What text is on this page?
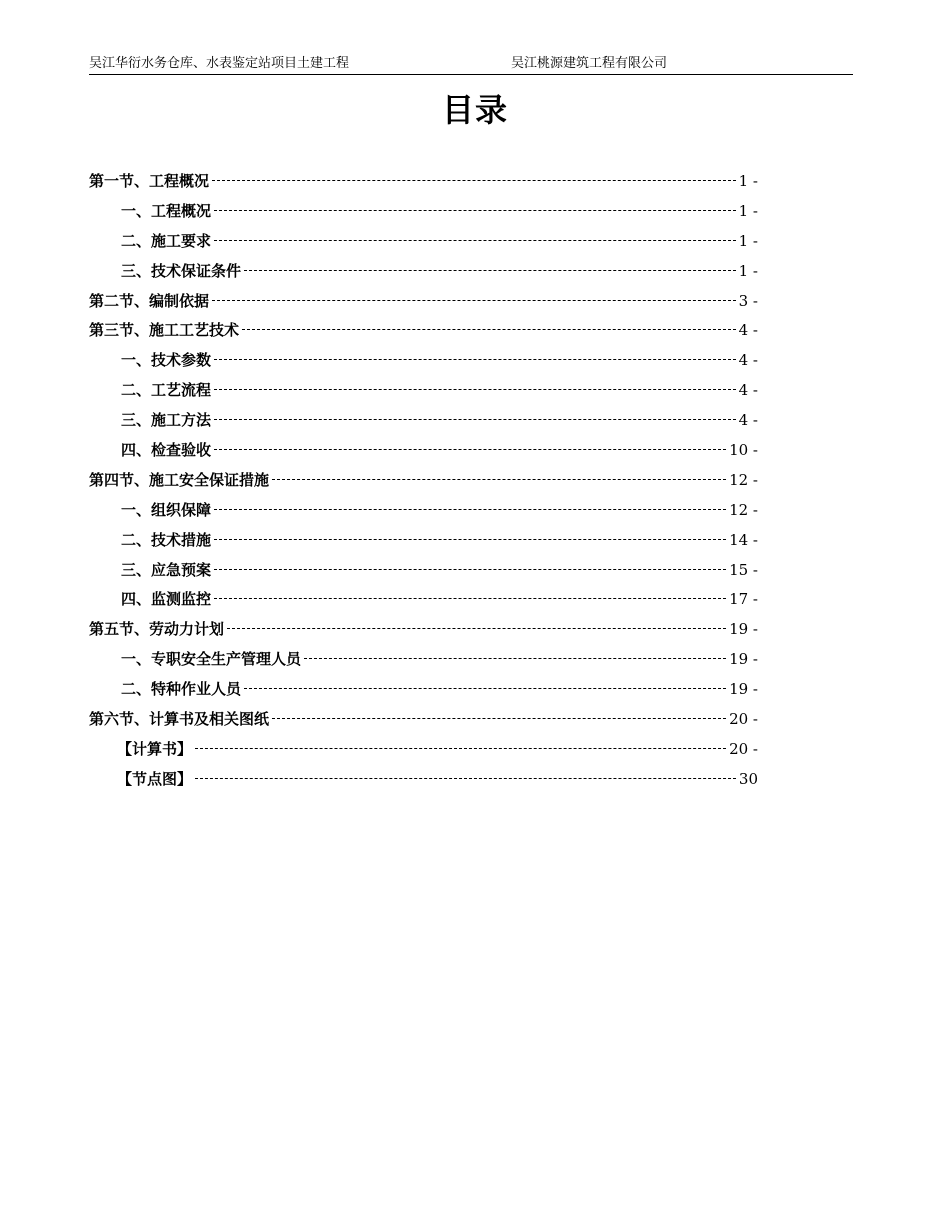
吴江华衍水务仓库、水表鉴定站项目土建工程	吴江桃源建筑工程有限公司
目录
第一节、工程概况	1 -
一、工程概况	1 -
二、施工要求	1 -
三、技术保证条件	1 -
第二节、编制依据	3 -
第三节、施工工艺技术	4 -
一、技术参数	4 -
二、工艺流程	4 -
三、施工方法	4 -
四、检查验收	10 -
第四节、施工安全保证措施	12 -
一、组织保障	12 -
二、技术措施	14 -
三、应急预案	15 -
四、监测监控	17 -
第五节、劳动力计划	19 -
一、专职安全生产管理人员	19 -
二、特种作业人员	19 -
第六节、计算书及相关图纸	20 -
【计算书】	20 -
【节点图】	30
